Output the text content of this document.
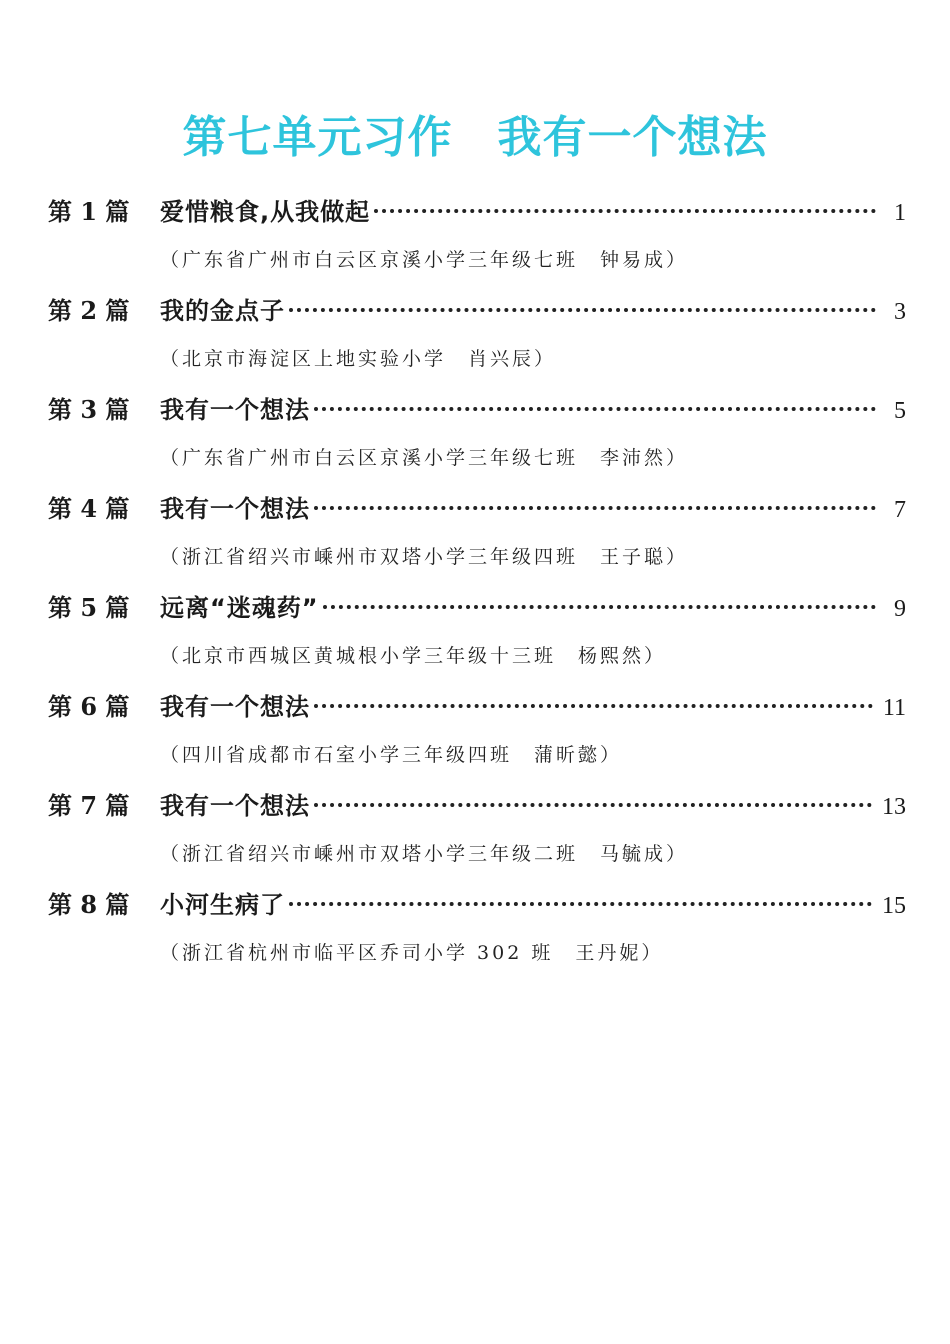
第七单元习作　我有一个想法
第 1 篇	爱惜粮食,从我做起	1
（广东省广州市白云区京溪小学三年级七班　钟易成）
第 2 篇	我的金点子	3
（北京市海淀区上地实验小学　肖兴辰）
第 3 篇	我有一个想法	5
（广东省广州市白云区京溪小学三年级七班　李沛然）
第 4 篇	我有一个想法	7
（浙江省绍兴市嵊州市双塔小学三年级四班　王子聪）
第 5 篇	远离“迷魂药”	9
（北京市西城区黄城根小学三年级十三班　杨熙然）
第 6 篇	我有一个想法	11
（四川省成都市石室小学三年级四班　蒲昕懿）
第 7 篇	我有一个想法	13
（浙江省绍兴市嵊州市双塔小学三年级二班　马毓成）
第 8 篇	小河生病了	15
（浙江省杭州市临平区乔司小学 302 班　王丹妮）
